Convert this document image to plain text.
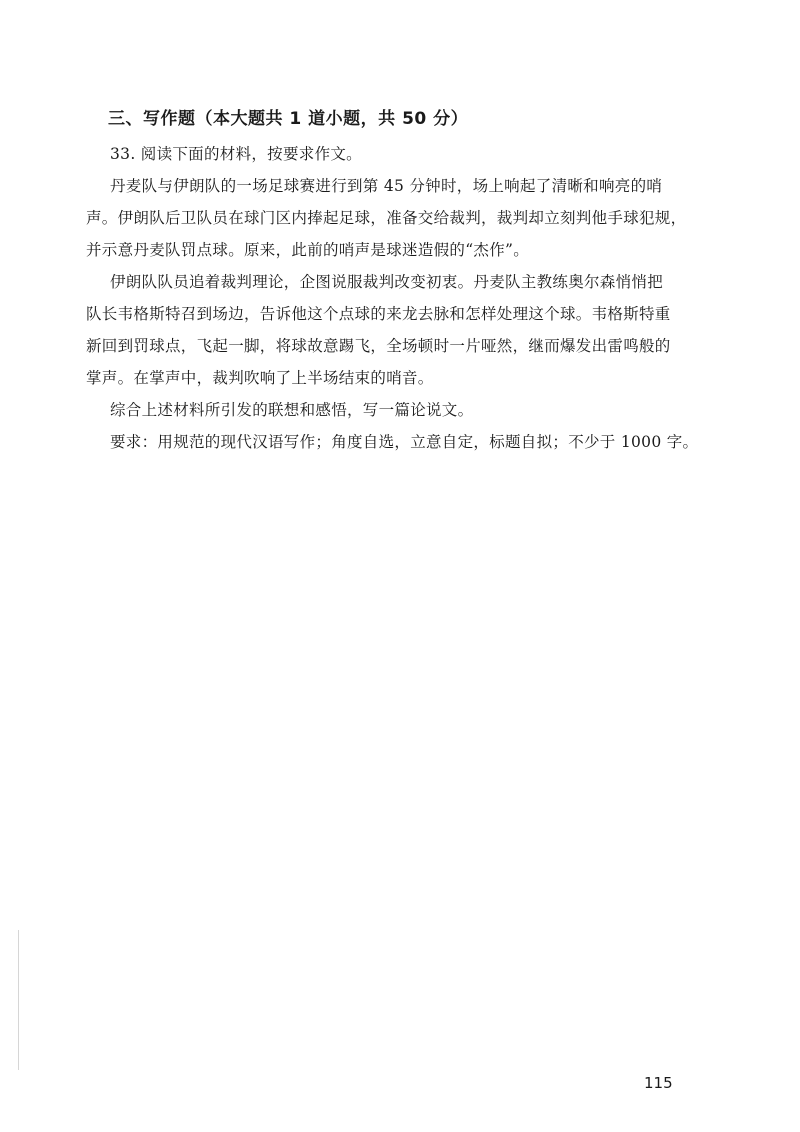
三、写作题（本大题共 1 道小题，共 50 分）
33. 阅读下面的材料，按要求作文。
丹麦队与伊朗队的一场足球赛进行到第 45 分钟时，场上响起了清晰和响亮的哨
声。伊朗队后卫队员在球门区内捧起足球，准备交给裁判，裁判却立刻判他手球犯规，
并示意丹麦队罚点球。原来，此前的哨声是球迷造假的“杰作”。
伊朗队队员追着裁判理论，企图说服裁判改变初衷。丹麦队主教练奥尔森悄悄把
队长韦格斯特召到场边，告诉他这个点球的来龙去脉和怎样处理这个球。韦格斯特重
新回到罚球点，飞起一脚，将球故意踢飞，全场顿时一片哑然，继而爆发出雷鸣般的
掌声。在掌声中，裁判吹响了上半场结束的哨音。
综合上述材料所引发的联想和感悟，写一篇论说文。
要求：用规范的现代汉语写作；角度自选，立意自定，标题自拟；不少于 1000 字。
115
